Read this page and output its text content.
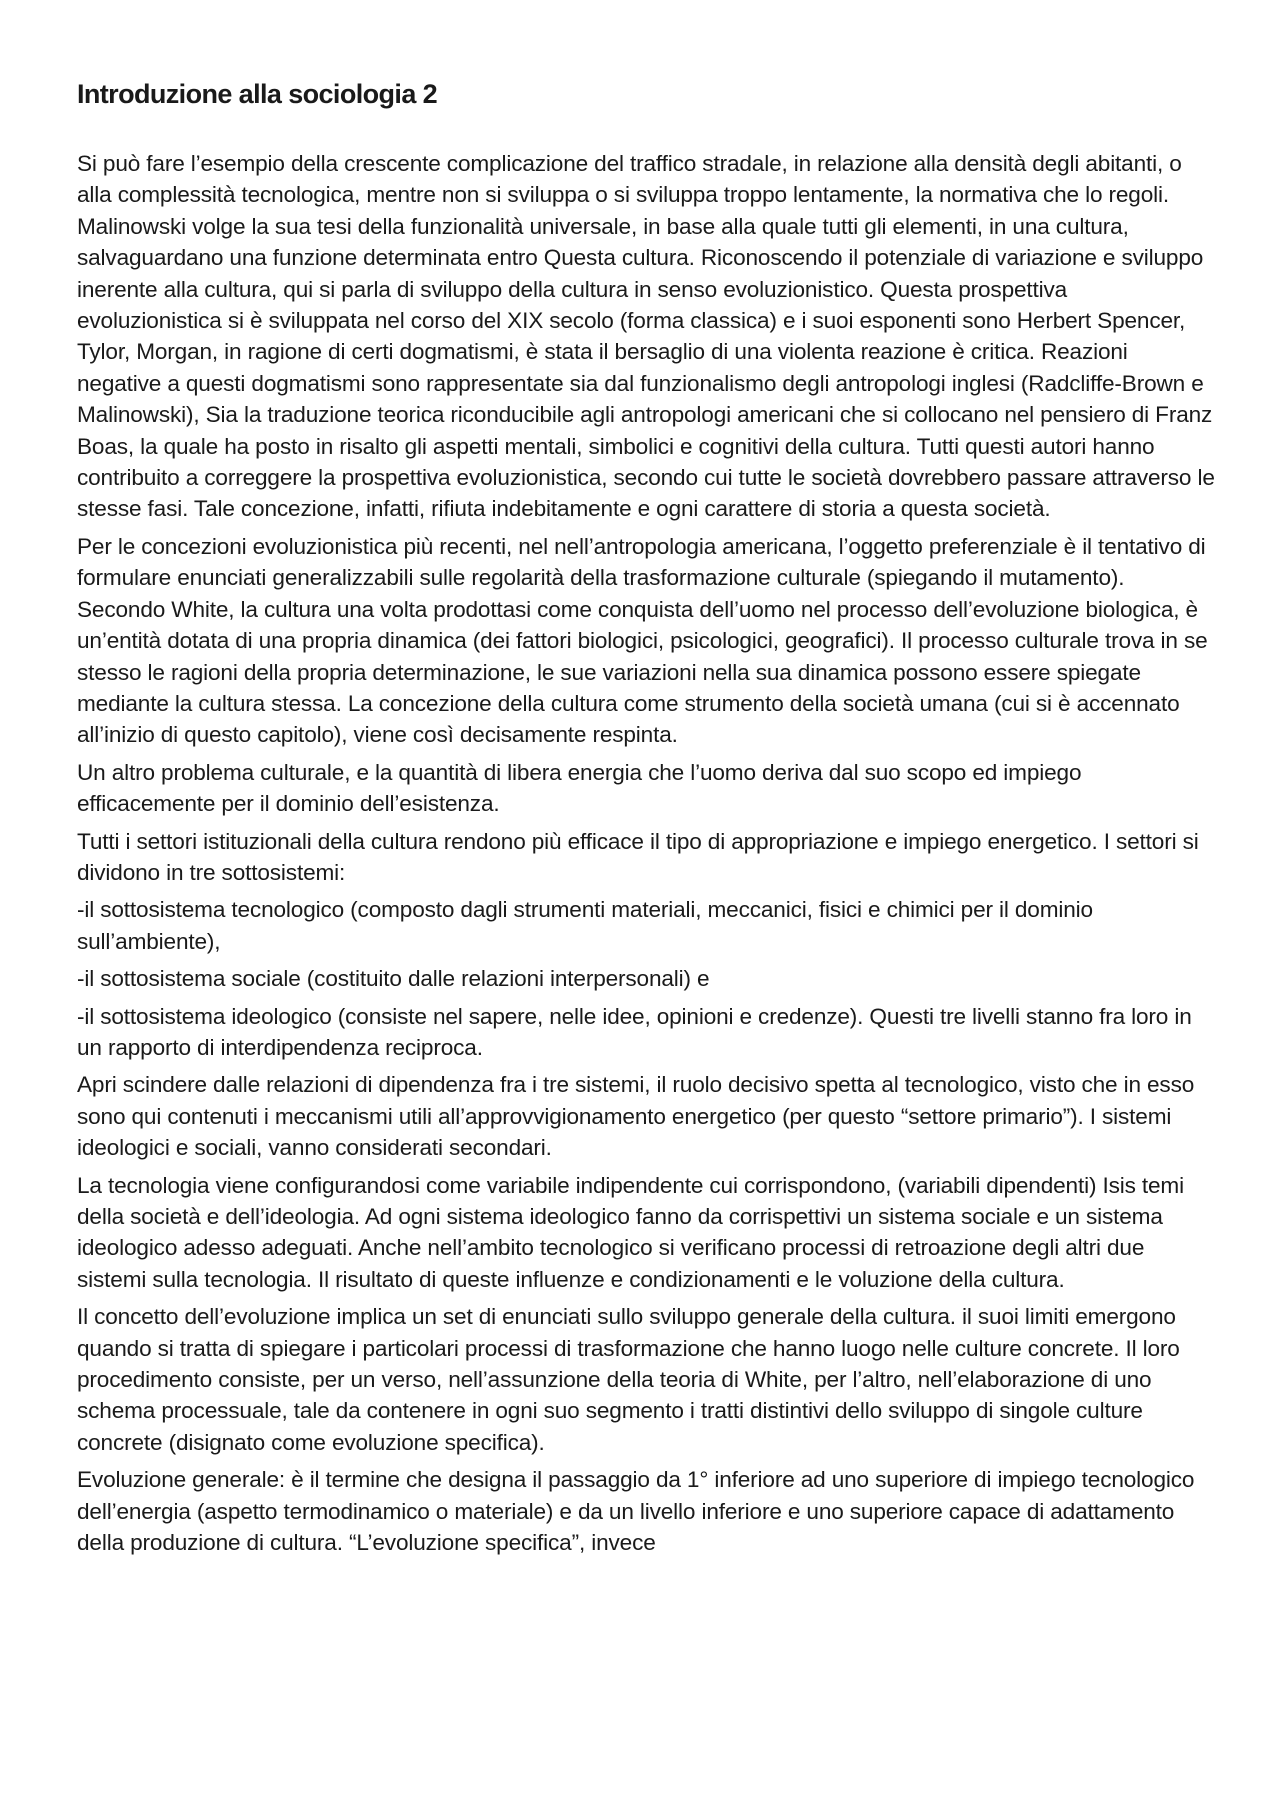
Introduzione alla sociologia 2

Si può fare l’esempio della crescente complicazione del traffico stradale, in relazione alla densità degli abitanti, o alla complessità tecnologica, mentre non si sviluppa o si sviluppa troppo lentamente, la normativa che lo regoli. Malinowski volge la sua tesi della funzionalità universale, in base alla quale tutti gli elementi, in una cultura, salvaguardano una funzione determinata entro Questa cultura. Riconoscendo il potenziale di variazione e sviluppo inerente alla cultura, qui si parla di sviluppo della cultura in senso evoluzionistico. Questa prospettiva evoluzionistica si è sviluppata nel corso del XIX secolo (forma classica) e i suoi esponenti sono Herbert Spencer, Tylor, Morgan, in ragione di certi dogmatismi, è stata il bersaglio di una violenta reazione è critica. Reazioni negative a questi dogmatismi sono rappresentate sia dal funzionalismo degli antropologi inglesi (Radcliffe-Brown e Malinowski), Sia la traduzione teorica riconducibile agli antropologi americani che si collocano nel pensiero di Franz Boas, la quale ha posto in risalto gli aspetti mentali, simbolici e cognitivi della cultura. Tutti questi autori hanno contribuito a correggere la prospettiva evoluzionistica, secondo cui tutte le società dovrebbero passare attraverso le stesse fasi. Tale concezione, infatti, rifiuta indebitamente e ogni carattere di storia a questa società.

Per le concezioni evoluzionistica più recenti, nel nell’antropologia americana, l’oggetto preferenziale è il tentativo di formulare enunciati generalizzabili sulle regolarità della trasformazione culturale (spiegando il mutamento). Secondo White, la cultura una volta prodottasi come conquista dell’uomo nel processo dell’evoluzione biologica, è un’entità dotata di una propria dinamica (dei fattori biologici, psicologici, geografici). Il processo culturale trova in se stesso le ragioni della propria determinazione, le sue variazioni nella sua dinamica possono essere spiegate mediante la cultura stessa. La concezione della cultura come strumento della società umana (cui si è accennato all’inizio di questo capitolo), viene così decisamente respinta.

Un altro problema culturale, e la quantità di libera energia che l’uomo deriva dal suo scopo ed impiego efficacemente per il dominio dell’esistenza.

Tutti i settori istituzionali della cultura rendono più efficace il tipo di appropriazione e impiego energetico. I settori si dividono in tre sottosistemi:

-il sottosistema tecnologico (composto dagli strumenti materiali, meccanici, fisici e chimici per il dominio sull’ambiente),

-il sottosistema sociale (costituito dalle relazioni interpersonali) e

-il sottosistema ideologico (consiste nel sapere, nelle idee, opinioni e credenze). Questi tre livelli stanno fra loro in un rapporto di interdipendenza reciproca.

Apri scindere dalle relazioni di dipendenza fra i tre sistemi, il ruolo decisivo spetta al tecnologico, visto che in esso sono qui contenuti i meccanismi utili all’approvvigionamento energetico (per questo “settore primario”). I sistemi ideologici e sociali, vanno considerati secondari.

La tecnologia viene configurandosi come variabile indipendente cui corrispondono, (variabili dipendenti) Isis temi della società e dell’ideologia. Ad ogni sistema ideologico fanno da corrispettivi un sistema sociale e un sistema ideologico adesso adeguati. Anche nell’ambito tecnologico si verificano processi di retroazione degli altri due sistemi sulla tecnologia. Il risultato di queste influenze e condizionamenti e le voluzione della cultura.

Il concetto dell’evoluzione implica un set di enunciati sullo sviluppo generale della cultura. il suoi limiti emergono quando si tratta di spiegare i particolari processi di trasformazione che hanno luogo nelle culture concrete. Il loro procedimento consiste, per un verso, nell’assunzione della teoria di White, per l’altro, nell’elaborazione di uno schema processuale, tale da contenere in ogni suo segmento i tratti distintivi dello sviluppo di singole culture concrete (disignato come evoluzione specifica).

Evoluzione generale: è il termine che designa il passaggio da 1° inferiore ad uno superiore di impiego tecnologico dell’energia (aspetto termodinamico o materiale) e da un livello inferiore e uno superiore capace di adattamento della produzione di cultura. “L’evoluzione specifica”, invece
